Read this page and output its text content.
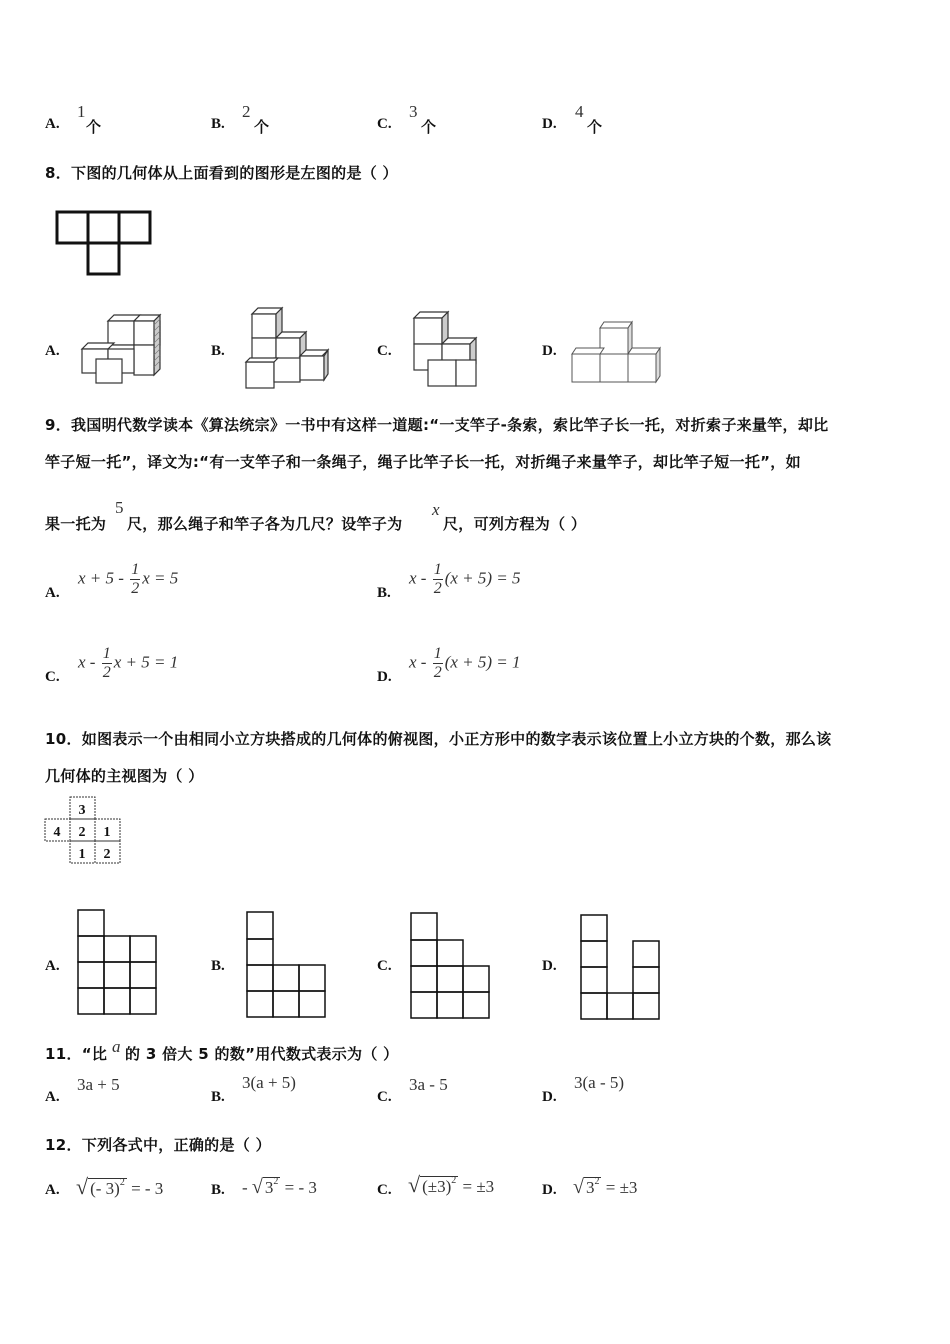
A.
1
个	B.
2
个	C.
3
个	D.
4
个
8．下图的几何体从上面看到的图形是左图的是（ ）
A.	B.	C.	D.
9．我国明代数学读本《算法统宗》一书中有这样一道题:“一支竿子-条索，索比竿子长一托，对折索子来量竿，却比
竿子短一托”，译文为:“有一支竿子和一条绳子，绳子比竿子长一托，对折绳子来量竿子，却比竿子短一托”，如
果一托为
5
尺，那么绳子和竿子各为几尺？设竿子为
x
尺，可列方程为（ ）
A.
$x + 5 - \frac{1}{2}$ x = 5
B.
$x - \frac{1}{2} (x + 5) = 5$
C.
x - $\frac{1}{2}$ x + 5 = 1
D.
$x - \frac{1}{2} (x + 5) = 1$
10．如图表示一个由相同小立方块搭成的几何体的俯视图，小正方形中的数字表示该位置上小立方块的个数，那么该
几何体的主视图为（ ）
3
4 2 1
1 2
A.	B.	C.	D.
11．“比 a 的 3 倍大 5 的数”用代数式表示为（ ）
A.
3a + 5
B.
3(a + 5)
C.
3a - 5
D.
3(a - 5)
12．下列各式中，正确的是（ ）
A. √ (- 3)$^2$ = - 3	B. - √ $3^2$ = - 3	C. √ $(\pm 3)^2 = \pm 3$	D. √ $3^2 = \pm 3$
